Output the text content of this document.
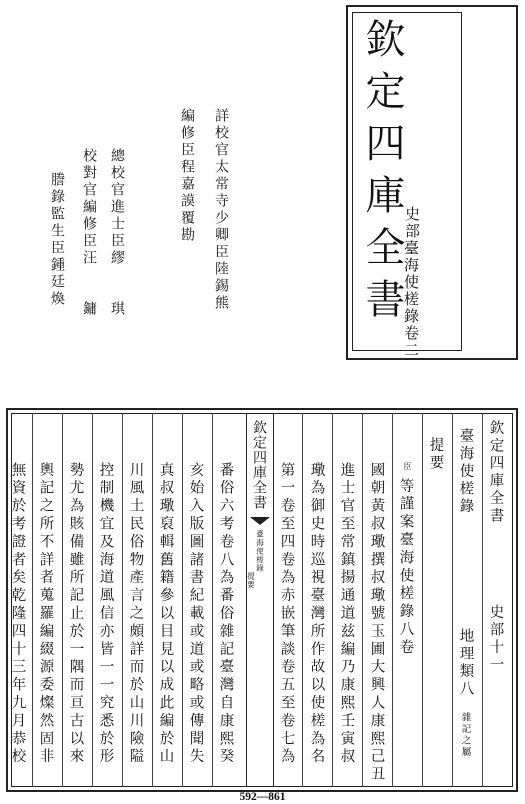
欽定四庫全書
史部
臺海使槎錄卷二
詳校官太常寺少卿臣陸錫熊
編修臣程嘉謨覆勘
總校官進士臣繆　　琪
校對官編修臣汪　　鏞
謄錄監生臣鍾廷煥
欽定四庫全書
史部十一
臺海使槎錄
地理類八
雜記之屬
提要
臣
等謹案臺海使槎錄八卷
國朝黃叔璥撰叔璥號玉圃大興人康熙己丑
進士官至常鎮揚通道兹編乃康熙壬寅叔
璥為御史時巡視臺灣所作故以使槎為名
第一卷至四卷為赤嵌筆談卷五至卷七為
欽定四庫全書
臺海使槎錄
提要
番俗六考卷八為番俗雜記臺灣自康熙癸
亥始入版圖諸書紀載或道或略或傳聞失
真叔璥裒輯舊籍參以目見以成此編於山
川風土民俗物產言之頗詳而於山川險隘
控制機宜及海道風信亦皆一一究悉於形
勢尤為賅備雖所記止於一隅而亘古以來
輿記之所不詳者蒐羅編綴源委燦然固非
無資於考證者矣乾隆四十三年九月恭校
592—861
